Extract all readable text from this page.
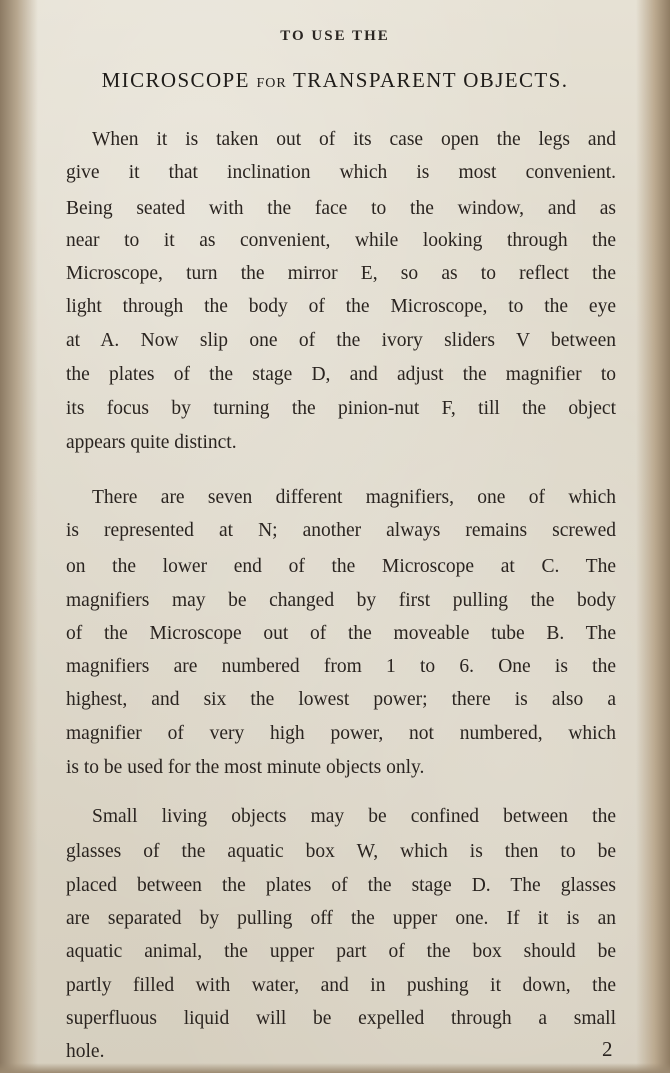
TO USE THE
MICROSCOPE FOR TRANSPARENT OBJECTS.

When it is taken out of its case open the legs and

give it that inclination which is most convenient.

Being seated with the face to the window, and as

near to it as convenient, while looking through the

Microscope, turn the mirror E, so as to reflect the

light through the body of the Microscope, to the eye

at A. Now slip one of the ivory sliders V between

the plates of the stage D, and adjust the magnifier to

its focus by turning the pinion-nut F, till the object

appears quite distinct.

There are seven different magnifiers, one of which

is represented at N; another always remains screwed

on the lower end of the Microscope at C. The

magnifiers may be changed by first pulling the body

of the Microscope out of the moveable tube B. The

magnifiers are numbered from 1 to 6. One is the

highest, and six the lowest power; there is also a

magnifier of very high power, not numbered, which

is to be used for the most minute objects only.

Small living objects may be confined between the

glasses of the aquatic box W, which is then to be

placed between the plates of the stage D. The glasses

are separated by pulling off the upper one. If it is an

aquatic animal, the upper part of the box should be

partly filled with water, and in pushing it down, the

superfluous liquid will be expelled through a small

hole.	2
